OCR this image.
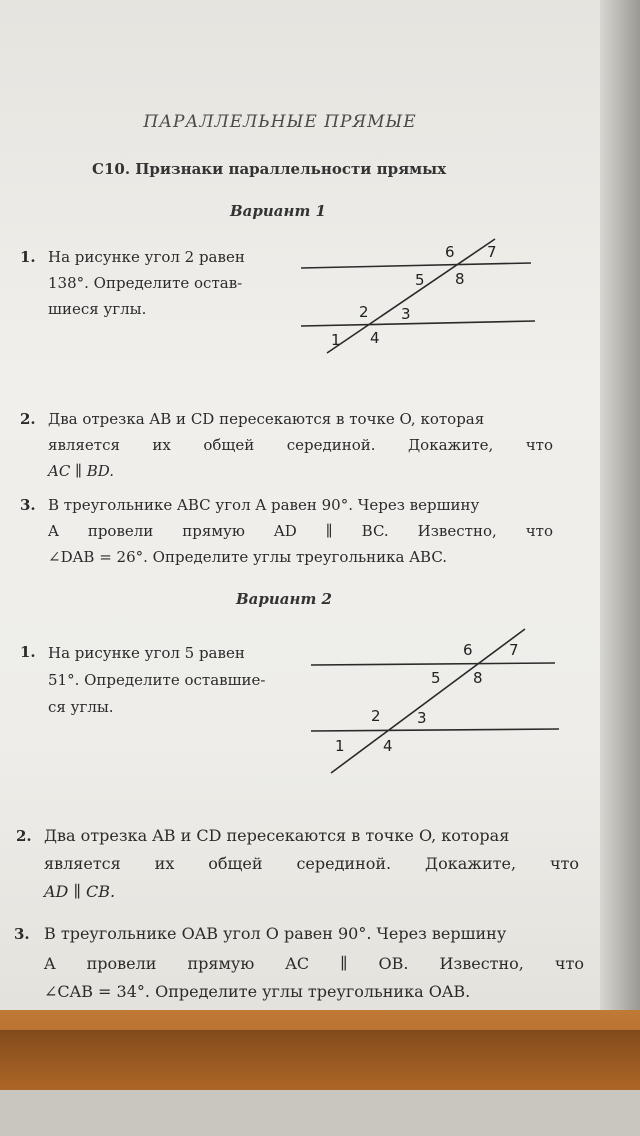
ПАРАЛЛЕЛЬНЫЕ ПРЯМЫЕ
С10. Признаки параллельности прямых
Вариант 1
1. На рисунке угол 2 равен
138°. Определите остав-
шиеся углы.
1
2 3
4
5
6 7
8
2. Два отрезка AB и CD пересекаются в точке O, которая
является их общей серединой. Докажите, что
AC ∥ BD.
3. В треугольнике ABC угол A равен 90°. Через вершину
A провели прямую AD ∥ BC. Известно, что
∠DAB = 26°. Определите углы треугольника ABC.
Вариант 2
1. На рисунке угол 5 равен
51°. Определите оставшие-
ся углы.
1
2 3
4
5
6 7
8
2. Два отрезка AB и CD пересекаются в точке O, которая
является их общей серединой. Докажите, что
AD ∥ CB.
3. В треугольнике OAB угол O равен 90°. Через вершину
A провели прямую AC ∥ OB. Известно, что
∠CAB = 34°. Определите углы треугольника OAB.
